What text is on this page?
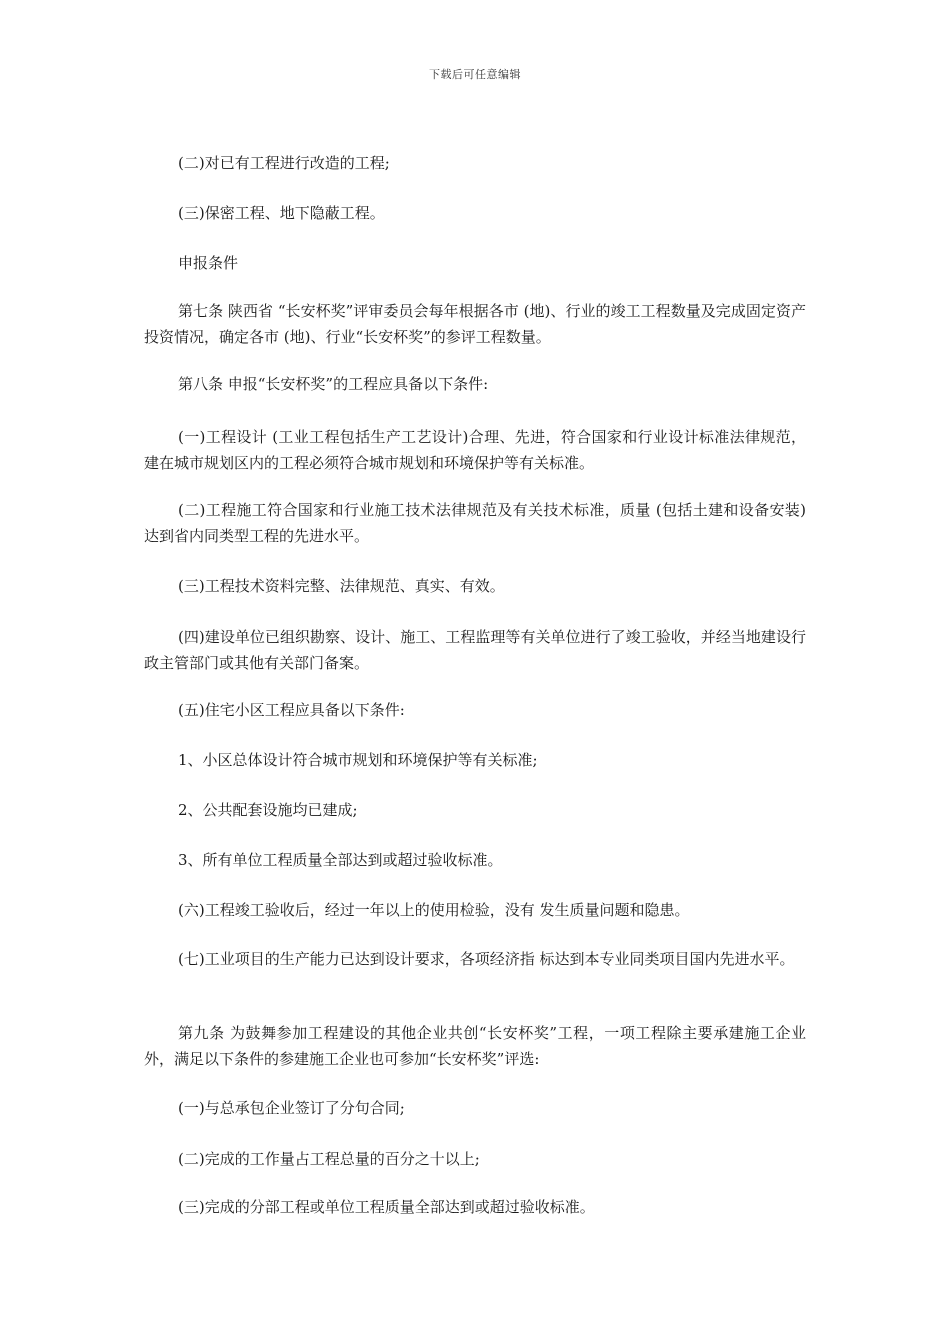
下载后可任意编辑

(二)对已有工程进行改造的工程;

(三)保密工程、地下隐蔽工程。

申报条件

第七条 陕西省 “长安杯奖”评审委员会每年根据各市 (地)、行业的竣工工程数量及完成固定资产投资情况，确定各市 (地)、行业“长安杯奖”的参评工程数量。

第八条 申报“长安杯奖”的工程应具备以下条件:

(一)工程设计 (工业工程包括生产工艺设计)合理、先进，符合国家和行业设计标准法律规范，建在城市规划区内的工程必须符合城市规划和环境保护等有关标准。

(二)工程施工符合国家和行业施工技术法律规范及有关技术标准，质量 (包括土建和设备安装)达到省内同类型工程的先进水平。

(三)工程技术资料完整、法律规范、真实、有效。

(四)建设单位已组织勘察、设计、施工、工程监理等有关单位进行了竣工验收，并经当地建设行政主管部门或其他有关部门备案。

(五)住宅小区工程应具备以下条件:

1、小区总体设计符合城市规划和环境保护等有关标准;

2、公共配套设施均已建成;

3、所有单位工程质量全部达到或超过验收标准。

(六)工程竣工验收后，经过一年以上的使用检验，没有 发生质量问题和隐患。

(七)工业项目的生产能力已达到设计要求，各项经济指 标达到本专业同类项目国内先进水平。

第九条 为鼓舞参加工程建设的其他企业共创“长安杯奖”工程，一项工程除主要承建施工企业外，满足以下条件的参建施工企业也可参加“长安杯奖”评选:

(一)与总承包企业签订了分句合同;

(二)完成的工作量占工程总量的百分之十以上;

(三)完成的分部工程或单位工程质量全部达到或超过验收标准。
